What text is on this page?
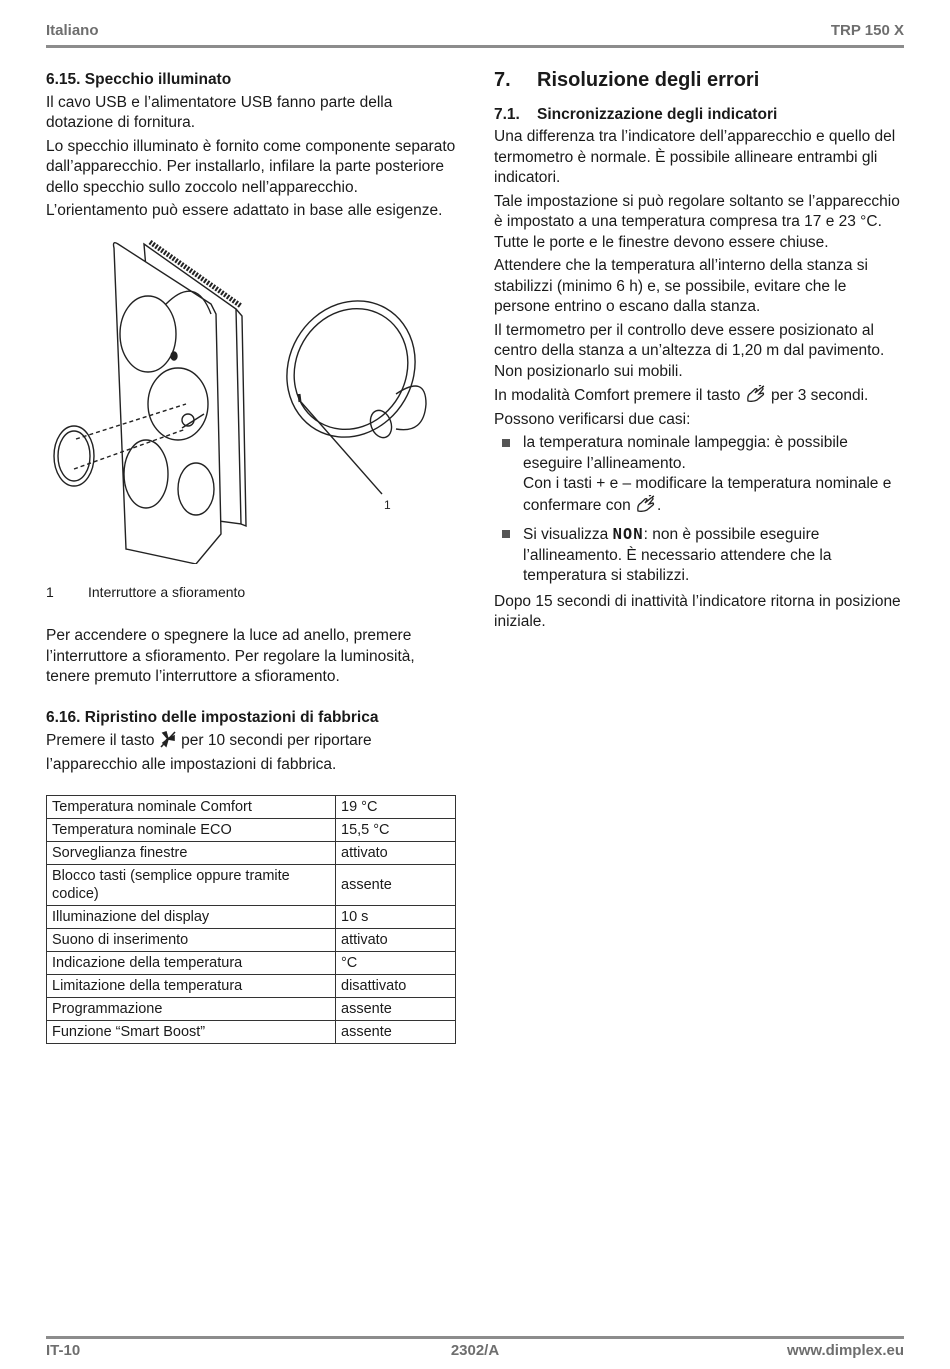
Italiano	TRP 150 X
6.15. Specchio illuminato

Il cavo USB e l’alimentatore USB fanno parte della dotazione di fornitura.

Lo specchio illuminato è fornito come componente separato dall’apparecchio. Per installarlo, infilare la parte posteriore dello specchio sullo zoccolo nell’apparecchio.

L’orientamento può essere adattato in base alle esigenze.

1
1 Interruttore a sfioramento

Per accendere o spegnere la luce ad anello, premere l’interruttore a sfioramento. Per regolare la luminosità, tenere premuto l’interruttore a sfioramento.

6.16. Ripristino delle impostazioni di fabbrica

Premere il tasto per 10 secondi per riportare l’apparecchio alle impostazioni di fabbrica.

Temperatura nominale Comfort	19 °C
Temperatura nominale ECO	15,5 °C
Sorveglianza finestre	attivato
Blocco tasti (semplice oppure tramite codice)	assente
Illuminazione del display	10 s
Suono di inserimento	attivato
Indicazione della temperatura	°C
Limitazione della temperatura	disattivato
Programmazione	assente
Funzione “Smart Boost”	assente
7. Risoluzione degli errori
7.1. Sincronizzazione degli indicatori

Una differenza tra l’indicatore dell’apparecchio e quello del termometro è normale. È possibile allineare entrambi gli indicatori.

Tale impostazione si può regolare soltanto se l’apparecchio è impostato a una temperatura compresa tra 17 e 23 °C. Tutte le porte e le finestre devono essere chiuse.

Attendere che la temperatura all’interno della stanza si stabilizzi (minimo 6 h) e, se possibile, evitare che le persone entrino o escano dalla stanza.

Il termometro per il controllo deve essere posizionato al centro della stanza a un’altezza di 1,20 m dal pavimento. Non posizionarlo sui mobili.

In modalità Comfort premere il tasto per 3 secondi. Possono verificarsi due casi:

la temperatura nominale lampeggia: è possibile eseguire l’allineamento.
Con i tasti + e – modificare la temperatura nominale e confermare con .
Si visualizza NON: non è possibile eseguire l’allineamento. È necessario attendere che la temperatura si stabilizzi.

Dopo 15 secondi di inattività l’indicatore ritorna in posizione iniziale.

IT-10	2302/A	www.dimplex.eu
